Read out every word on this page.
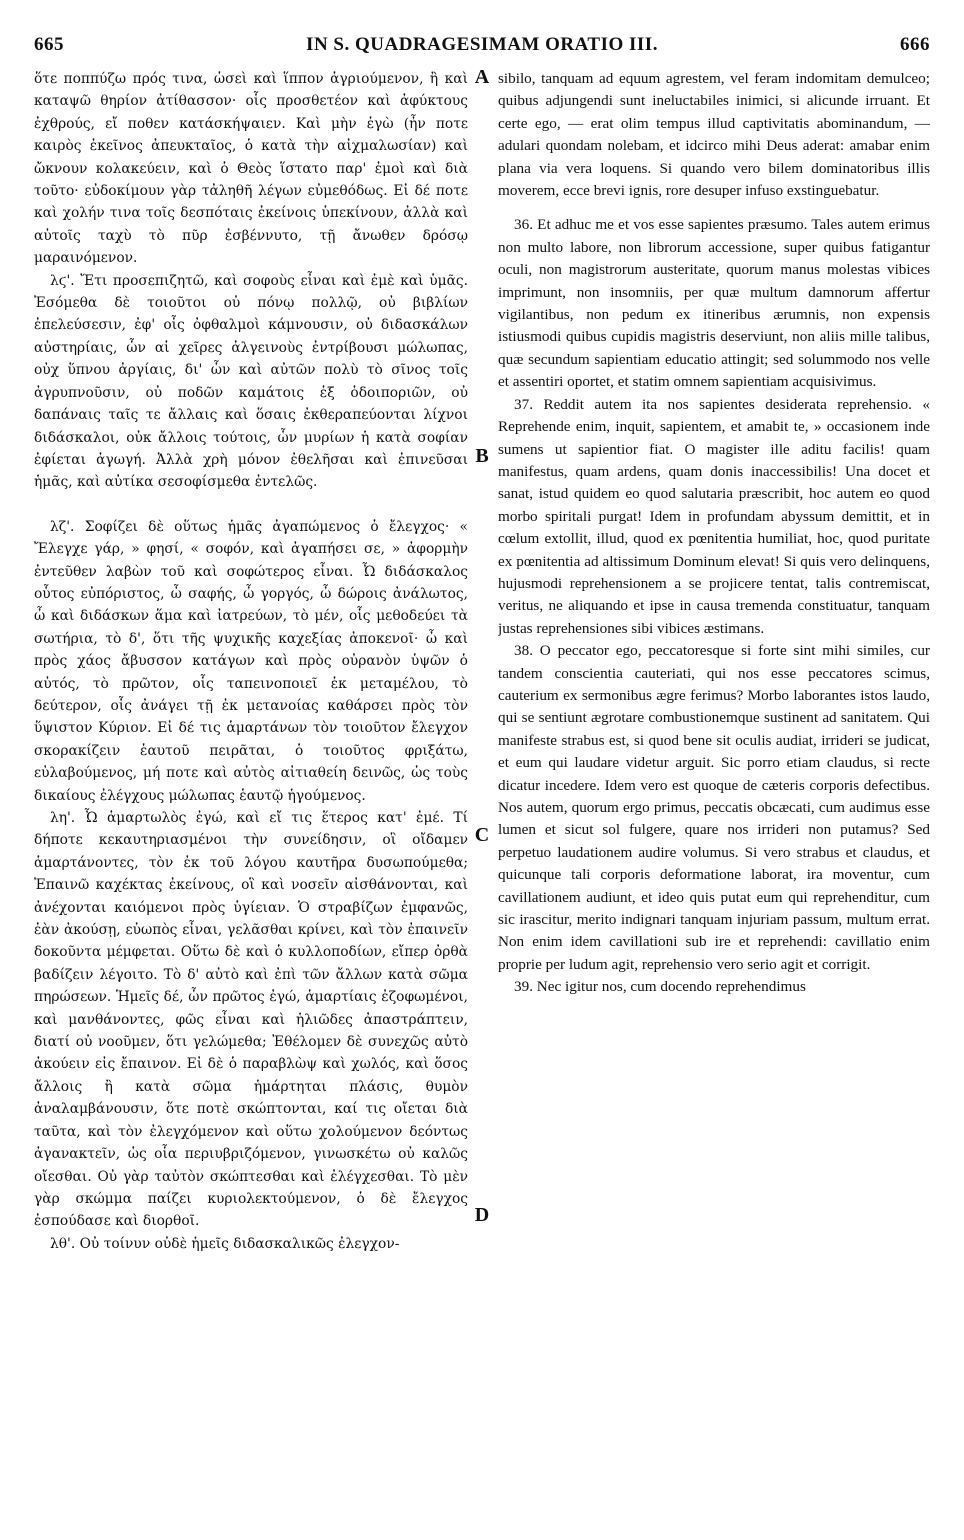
665	IN S. QUADRAGESIMAM ORATIO III.	666

ὅτε ποππύζω πρός τινα, ὡσεὶ καὶ ἵππον ἀγριούμενον, ἢ καὶ καταψῶ θηρίον ἀτίθασσον· οἷς προσθετέον καὶ ἀφύκτους ἐχθρούς, εἴ ποθεν κατάσκήψαιεν. Καὶ μὴν ἐγὼ (ἦν ποτε καιρὸς ἐκεῖνος ἀπευκταῖος, ὁ κατὰ τὴν αἰχμαλωσίαν) καὶ ὤκνουν κολακεύειν, καὶ ὁ Θεὸς ἵστατο παρ' ἐμοὶ καὶ διὰ τοῦτο· εὐδοκίμουν γὰρ τἀληθῆ λέγων εὐμεθόδως. Εἰ δέ ποτε καὶ χολήν τινα τοῖς δεσπόταις ἐκείνοις ὑπεκίνουν, ἀλλὰ καὶ αὐτοῖς ταχὺ τὸ πῦρ ἐσβέννυτο, τῇ ἄνωθεν δρόσῳ μαραινόμενον.

λϛ'. Ἔτι προσεπιζητῶ, καὶ σοφοὺς εἶναι καὶ ἐμὲ καὶ ὑμᾶς. Ἐσόμεθα δὲ τοιοῦτοι οὐ πόνῳ πολλῷ, οὐ βιβλίων ἐπελεύσεσιν, ἐφ' οἷς ὀφθαλμοὶ κάμνουσιν, οὐ διδασκάλων αὐστηρίαις, ὧν αἱ χεῖρες ἀλγεινοὺς ἐντρίβουσι μώλωπας, οὐχ ὕπνου ἀργίαις, δι' ὧν καὶ αὐτῶν πολὺ τὸ σῖνος τοῖς ἀγρυπνοῦσιν, οὐ ποδῶν καμάτοις ἐξ ὁδοιποριῶν, οὐ δαπάναις ταῖς τε ἄλλαις καὶ ὅσαις ἐκθεραπεύονται λίχνοι διδάσκαλοι, οὐκ ἄλλοις τούτοις, ὧν μυρίων ἡ κατὰ σοφίαν ἐφίεται ἀγωγή. Ἀλλὰ χρὴ μόνον ἐθελῆσαι καὶ ἐπινεῦσαι ἡμᾶς, καὶ αὐτίκα σεσοφίσμεθα ἐντελῶς.

λζ'. Σοφίζει δὲ οὕτως ἡμᾶς ἀγαπώμενος ὁ ἔλεγχος· « Ἔλεγχε γάρ, » φησί, « σοφόν, καὶ ἀγαπήσει σε, » ἀφορμὴν ἐντεῦθεν λαβὼν τοῦ καὶ σοφώτερος εἶναι. Ὦ διδάσκαλος οὗτος εὐπόριστος, ὦ σαφής, ὦ γοργός, ὦ δώροις ἀνάλωτος, ὦ καὶ διδάσκων ἅμα καὶ ἰατρεύων, τὸ μέν, οἷς μεθοδεύει τὰ σωτήρια, τὸ δ', ὅτι τῆς ψυχικῆς καχεξίας ἀποκενοῖ· ὦ καὶ πρὸς χάος ἄβυσσον κατάγων καὶ πρὸς οὐρανὸν ὑψῶν ὁ αὐτός, τὸ πρῶτον, οἷς ταπεινοποιεῖ ἐκ μεταμέλου, τὸ δεύτερον, οἷς ἀνάγει τῇ ἐκ μετανοίας καθάρσει πρὸς τὸν ὕψιστον Κύριον. Εἰ δέ τις ἁμαρτάνων τὸν τοιοῦτον ἔλεγχον σκορακίζειν ἑαυτοῦ πειρᾶται, ὁ τοιοῦτος φριξάτω, εὐλαβούμενος, μή ποτε καὶ αὐτὸς αἰτιαθείη δεινῶς, ὡς τοὺς δικαίους ἐλέγχους μώλωπας ἑαυτῷ ἡγούμενος.

λη'. Ὦ ἁμαρτωλὸς ἐγώ, καὶ εἴ τις ἕτερος κατ' ἐμέ. Τί δήποτε κεκαυτηριασμένοι τὴν συνείδησιν, οἳ οἴδαμεν ἁμαρτάνοντες, τὸν ἐκ τοῦ λόγου καυτῆρα δυσωπούμεθα; Ἐπαινῶ καχέκτας ἐκείνους, οἳ καὶ νοσεῖν αἰσθάνονται, καὶ ἀνέχονται καιόμενοι πρὸς ὑγίειαν. Ὁ στραβίζων ἐμφανῶς, ἐὰν ἀκούσῃ, εὐωπὸς εἶναι, γελᾶσθαι κρίνει, καὶ τὸν ἐπαινεῖν δοκοῦντα μέμφεται. Οὕτω δὲ καὶ ὁ κυλλοποδίων, εἴπερ ὀρθὰ βαδίζειν λέγοιτο. Τὸ δ' αὐτὸ καὶ ἐπὶ τῶν ἄλλων κατὰ σῶμα πηρώσεων. Ἡμεῖς δέ, ὧν πρῶτος ἐγώ, ἁμαρτίαις ἐζοφωμένοι, καὶ μανθάνοντες, φῶς εἶναι καὶ ἡλιῶδες ἀπαστράπτειν, διατί οὐ νοοῦμεν, ὅτι γελώμεθα; Ἐθέλομεν δὲ συνεχῶς αὐτὸ ἀκούειν εἰς ἔπαινον. Εἰ δὲ ὁ παραβλὼψ καὶ χωλός, καὶ ὅσος ἄλλοις ἢ κατὰ σῶμα ἡμάρτηται πλάσις, θυμὸν ἀναλαμβάνουσιν, ὅτε ποτὲ σκώπτονται, καί τις οἴεται διὰ ταῦτα, καὶ τὸν ἐλεγχόμενον καὶ οὕτω χολούμενον δεόντως ἀγανακτεῖν, ὡς οἷα περιυβριζόμενον, γινωσκέτω οὐ καλῶς οἴεσθαι. Οὐ γὰρ ταὐτὸν σκώπτεσθαι καὶ ἐλέγχεσθαι. Τὸ μὲν γὰρ σκώμμα παίζει κυριολεκτούμενον, ὁ δὲ ἔλεγχος ἐσπούδασε καὶ διορθοῖ.

λθ'. Οὐ τοίνυν οὐδὲ ἡμεῖς διδασκαλικῶς ἐλεγχον-

A
B
C
D

sibilo, tanquam ad equum agrestem, vel feram indomitam demulceo; quibus adjungendi sunt ineluctabiles inimici, si alicunde irruant. Et certe ego, — erat olim tempus illud captivitatis abominandum, — adulari quondam nolebam, et idcirco mihi Deus aderat: amabar enim plana via vera loquens. Si quando vero bilem dominatoribus illis moverem, ecce brevi ignis, rore desuper infuso exstinguebatur.

36. Et adhuc me et vos esse sapientes præsumo. Tales autem erimus non multo labore, non librorum accessione, super quibus fatigantur oculi, non magistrorum austeritate, quorum manus molestas vibices imprimunt, non insomniis, per quæ multum damnorum affertur vigilantibus, non pedum ex itineribus ærumnis, non expensis istiusmodi quibus cupidis magistris deserviunt, non aliis mille talibus, quæ secundum sapientiam educatio attingit; sed solummodo nos velle et assentiri oportet, et statim omnem sapientiam acquisivimus.

37. Reddit autem ita nos sapientes desiderata reprehensio. « Reprehende enim, inquit, sapientem, et amabit te, » occasionem inde sumens ut sapientior fiat. O magister ille aditu facilis! quam manifestus, quam ardens, quam donis inaccessibilis! Una docet et sanat, istud quidem eo quod salutaria præscribit, hoc autem eo quod morbo spiritali purgat! Idem in profundam abyssum demittit, et in cœlum extollit, illud, quod ex pœnitentia humiliat, hoc, quod puritate ex pœnitentia ad altissimum Dominum elevat! Si quis vero delinquens, hujusmodi reprehensionem a se projicere tentat, talis contremiscat, veritus, ne aliquando et ipse in causa tremenda constituatur, tanquam justas reprehensiones sibi vibices æstimans.

38. O peccator ego, peccatoresque si forte sint mihi similes, cur tandem conscientia cauteriati, qui nos esse peccatores scimus, cauterium ex sermonibus ægre ferimus? Morbo laborantes istos laudo, qui se sentiunt ægrotare combustionemque sustinent ad sanitatem. Qui manifeste strabus est, si quod bene sit oculis audiat, irrideri se judicat, et eum qui laudare videtur arguit. Sic porro etiam claudus, si recte dicatur incedere. Idem vero est quoque de cæteris corporis defectibus. Nos autem, quorum ergo primus, peccatis obcæcati, cum audimus esse lumen et sicut sol fulgere, quare nos irrideri non putamus? Sed perpetuo laudationem audire volumus. Si vero strabus et claudus, et quicunque tali corporis deformatione laborat, ira moventur, cum cavillationem audiunt, et ideo quis putat eum qui reprehenditur, cum sic irascitur, merito indignari tanquam injuriam passum, multum errat. Non enim idem cavillationi sub ire et reprehendi: cavillatio enim proprie per ludum agit, reprehensio vero serio agit et corrigit.

39. Nec igitur nos, cum docendo reprehendimus
